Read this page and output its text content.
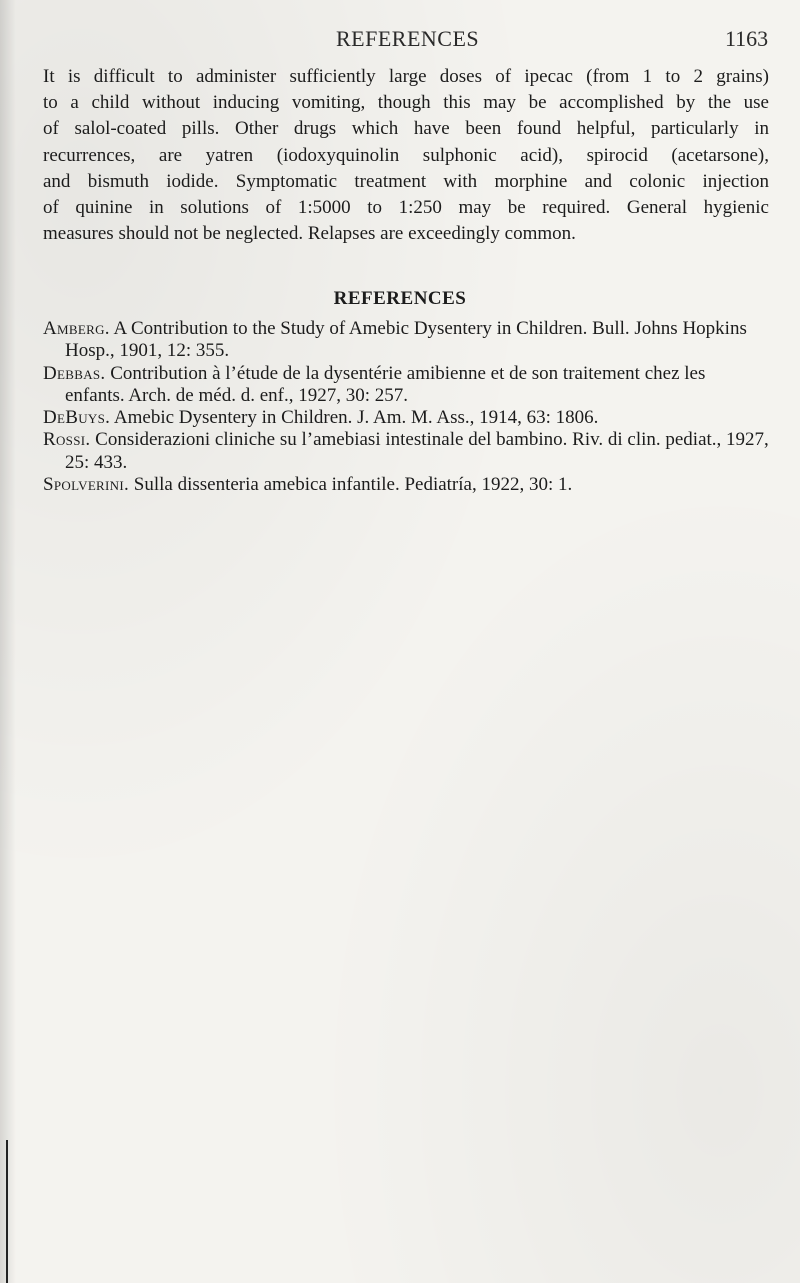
REFERENCES	1163

It is difficult to administer sufficiently large doses of ipecac (from 1 to 2 grains)
to a child without inducing vomiting, though this may be accomplished by the use
of salol-coated pills. Other drugs which have been found helpful, particularly in
recurrences, are yatren (iodoxyquinolin sulphonic acid), spirocid (acetarsone),
and bismuth iodide. Symptomatic treatment with morphine and colonic injection
of quinine in solutions of 1:5000 to 1:250 may be required. General hygienic
measures should not be neglected. Relapses are exceedingly common.

REFERENCES
Amberg. A Contribution to the Study of Amebic Dysentery in Children. Bull. Johns Hopkins Hosp., 1901, 12: 355.
Debbas. Contribution à l’étude de la dysentérie amibienne et de son traitement chez les enfants. Arch. de méd. d. enf., 1927, 30: 257.
DeBuys. Amebic Dysentery in Children. J. Am. M. Ass., 1914, 63: 1806.
Rossi. Considerazioni cliniche su l’amebiasi intestinale del bambino. Riv. di clin. pediat., 1927, 25: 433.
Spolverini. Sulla dissenteria amebica infantile. Pediatría, 1922, 30: 1.
